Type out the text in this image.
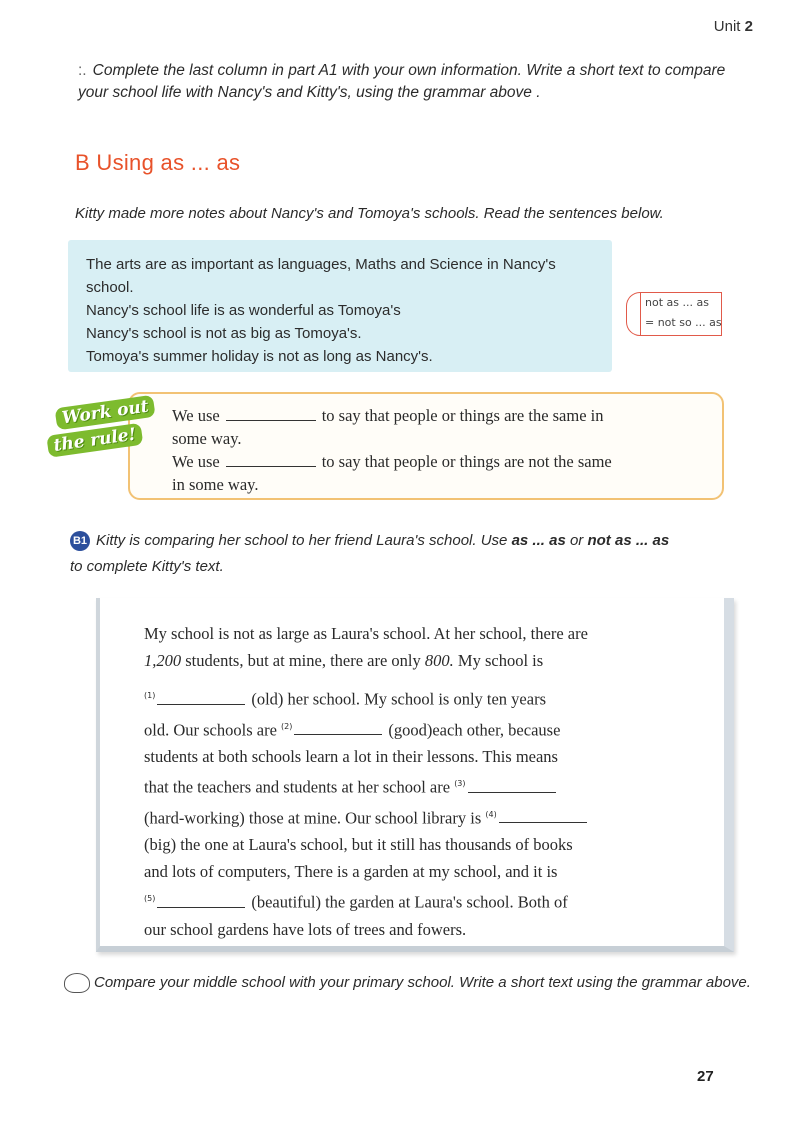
Unit 2
:. Complete the last column in part A1 with your own information. Write a short text to compare your school life with Nancy's and Kitty's, using the grammar above .
B Using as ... as
Kitty made more notes about Nancy's and Tomoya's schools. Read the sentences below.
The arts are as important as languages, Maths and Science in Nancy's
school.
Nancy's school life is as wonderful as Tomoya's
Nancy's school is not as big as Tomoya's.
Tomoya's summer holiday is not as long as Nancy's.
not as ... as
= not so ... as
We use	to say that people or things are the same in
some way.
We use	to say that people or things are not the same
in some way.
Work out
the rule!
B1 Kitty is comparing her school to her friend Laura's school. Use as ... as or not as ... as
to complete Kitty's text.
My school is not as large as Laura's school. At her school, there are
1,200 students, but at mine, there are only 800. My school is
$^{(1)}$	(old) her school. My school is only ten years
old. Our schools are $^{(2)}$	(good)each other, because
students at both schools learn a lot in their lessons. This means
that the teachers and students at her school are $^{(3)}$
(hard-working) those at mine. Our school library is $^{(4)}$
(big) the one at Laura's school, but it still has thousands of books
and lots of computers, There is a garden at my school, and it is
$^{(5)}$	(beautiful) the garden at Laura's school. Both of
our school gardens have lots of trees and fowers.
Compare your middle school with your primary school. Write a short text using the grammar above.
27
